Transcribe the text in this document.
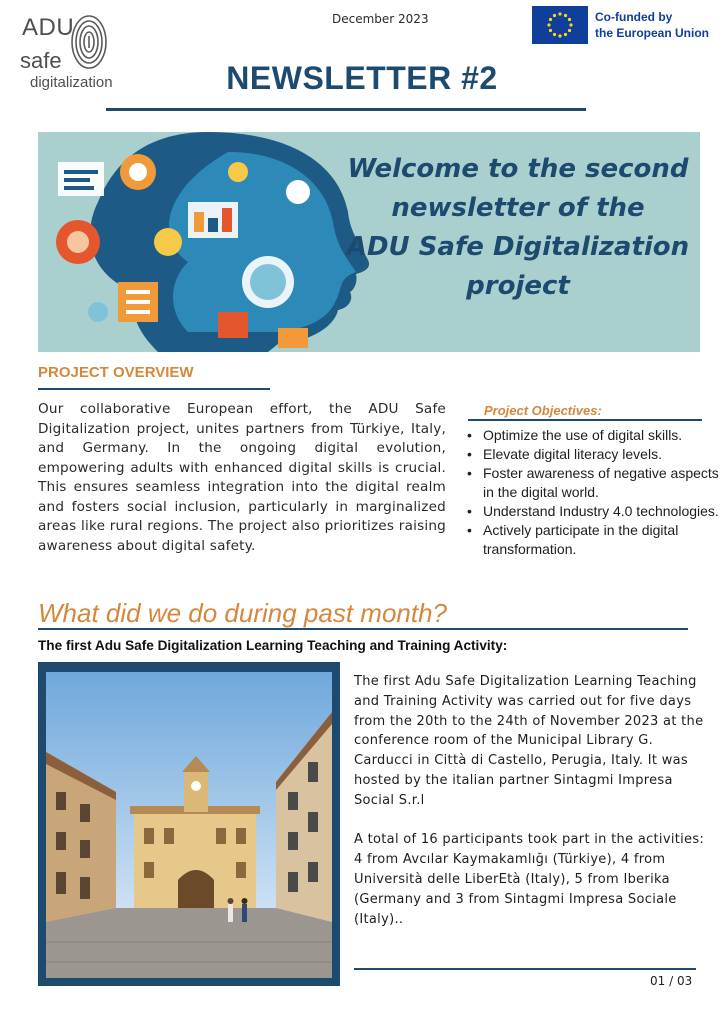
ADU
safe
digitalization
December 2023	Co-funded by
the European Union
NEWSLETTER #2
Welcome to the second
newsletter of the
ADU Safe Digitalization
project
PROJECT OVERVIEW
Our collaborative European effort, the ADU Safe Digitalization project, unites partners from Türkiye, Italy, and Germany. In the ongoing digital evolution, empowering adults with enhanced digital skills is crucial. This ensures seamless integration into the digital realm and fosters social inclusion, particularly in marginalized areas like rural regions. The project also prioritizes raising awareness about digital safety.
Project Objectives:
• Optimize the use of digital skills.
• Elevate digital literacy levels.
• Foster awareness of negative aspects in the digital world.
• Understand Industry 4.0 technologies.
• Actively participate in the digital transformation.
What did we do during past month?
The first Adu Safe Digitalization Learning Teaching and Training Activity:

The first Adu Safe Digitalization Learning Teaching and Training Activity was carried out for five days from the 20th to the 24th of November 2023 at the conference room of the Municipal Library G. Carducci in Città di Castello, Perugia, Italy. It was hosted by the italian partner Sintagmi Impresa Social S.r.l

A total of 16 participants took part in the activities: 4 from Avcılar Kaymakamlığı (Türkiye), 4 from Università delle LiberEtà (Italy), 5 from Iberika (Germany and 3 from Sintagmi Impresa Sociale (Italy)..

01 / 03
